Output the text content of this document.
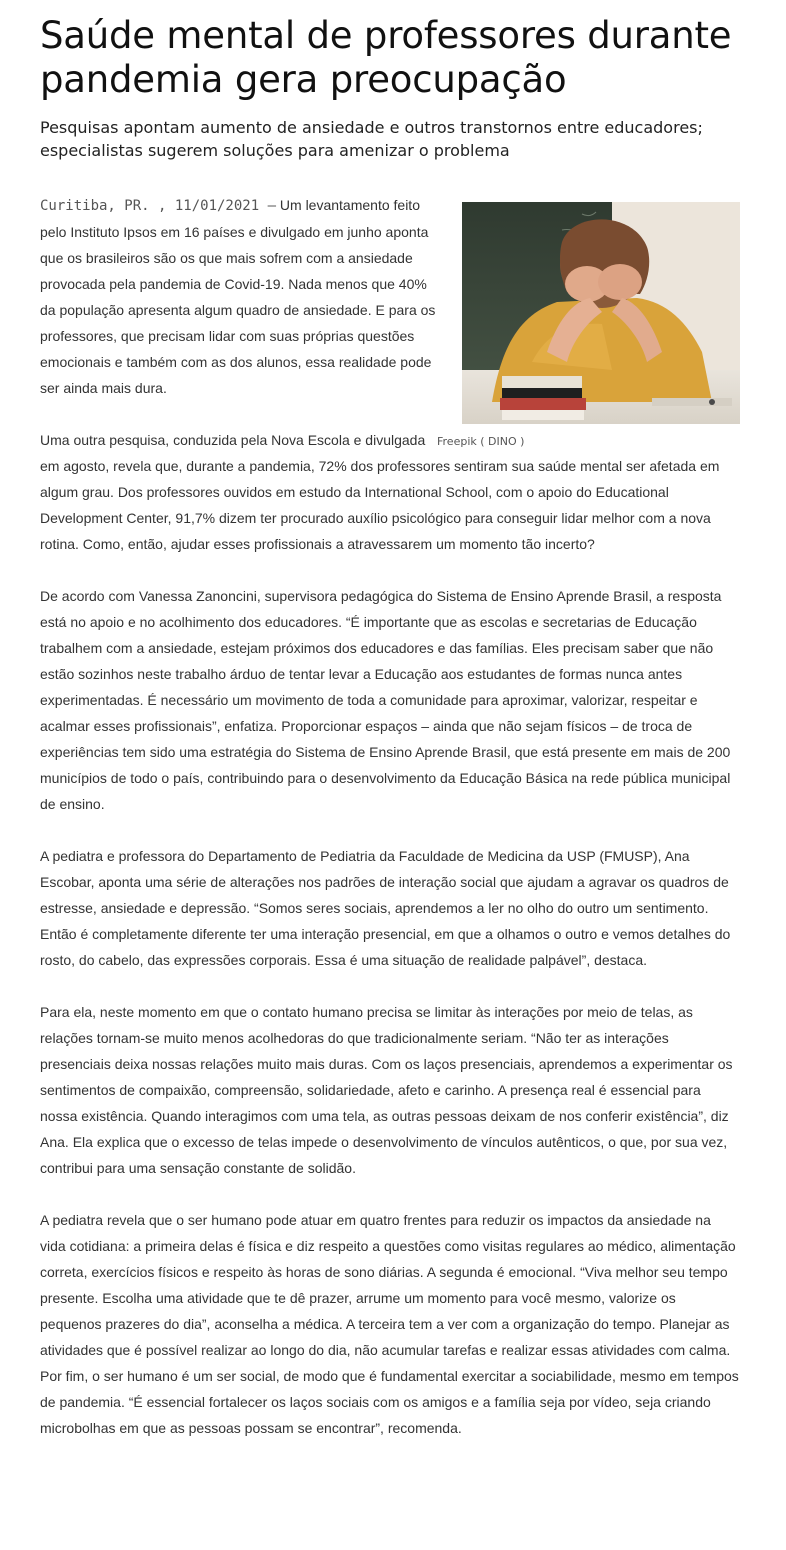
Saúde mental de professores durante pandemia gera preocupação
Pesquisas apontam aumento de ansiedade e outros transtornos entre educadores; especialistas sugerem soluções para amenizar o problema
Freepik ( DINO )

Curitiba, PR. , 11/01/2021 – Um levantamento feito pelo Instituto Ipsos em 16 países e divulgado em junho aponta que os brasileiros são os que mais sofrem com a ansiedade provocada pela pandemia de Covid-19. Nada menos que 40% da população apresenta algum quadro de ansiedade. E para os professores, que precisam lidar com suas próprias questões emocionais e também com as dos alunos, essa realidade pode ser ainda mais dura.

Uma outra pesquisa, conduzida pela Nova Escola e divulgada em agosto, revela que, durante a pandemia, 72% dos professores sentiram sua saúde mental ser afetada em algum grau. Dos professores ouvidos em estudo da International School, com o apoio do Educational Development Center, 91,7% dizem ter procurado auxílio psicológico para conseguir lidar melhor com a nova rotina. Como, então, ajudar esses profissionais a atravessarem um momento tão incerto?

De acordo com Vanessa Zanoncini, supervisora pedagógica do Sistema de Ensino Aprende Brasil, a resposta está no apoio e no acolhimento dos educadores. “É importante que as escolas e secretarias de Educação trabalhem com a ansiedade, estejam próximos dos educadores e das famílias. Eles precisam saber que não estão sozinhos neste trabalho árduo de tentar levar a Educação aos estudantes de formas nunca antes experimentadas. É necessário um movimento de toda a comunidade para aproximar, valorizar, respeitar e acalmar esses profissionais”, enfatiza. Proporcionar espaços – ainda que não sejam físicos – de troca de experiências tem sido uma estratégia do Sistema de Ensino Aprende Brasil, que está presente em mais de 200 municípios de todo o país, contribuindo para o desenvolvimento da Educação Básica na rede pública municipal de ensino.

A pediatra e professora do Departamento de Pediatria da Faculdade de Medicina da USP (FMUSP), Ana Escobar, aponta uma série de alterações nos padrões de interação social que ajudam a agravar os quadros de estresse, ansiedade e depressão. “Somos seres sociais, aprendemos a ler no olho do outro um sentimento. Então é completamente diferente ter uma interação presencial, em que a olhamos o outro e vemos detalhes do rosto, do cabelo, das expressões corporais. Essa é uma situação de realidade palpável”, destaca.

Para ela, neste momento em que o contato humano precisa se limitar às interações por meio de telas, as relações tornam-se muito menos acolhedoras do que tradicionalmente seriam. “Não ter as interações presenciais deixa nossas relações muito mais duras. Com os laços presenciais, aprendemos a experimentar os sentimentos de compaixão, compreensão, solidariedade, afeto e carinho. A presença real é essencial para nossa existência. Quando interagimos com uma tela, as outras pessoas deixam de nos conferir existência”, diz Ana. Ela explica que o excesso de telas impede o desenvolvimento de vínculos autênticos, o que, por sua vez, contribui para uma sensação constante de solidão.

A pediatra revela que o ser humano pode atuar em quatro frentes para reduzir os impactos da ansiedade na vida cotidiana: a primeira delas é física e diz respeito a questões como visitas regulares ao médico, alimentação correta, exercícios físicos e respeito às horas de sono diárias. A segunda é emocional. “Viva melhor seu tempo presente. Escolha uma atividade que te dê prazer, arrume um momento para você mesmo, valorize os pequenos prazeres do dia”, aconselha a médica. A terceira tem a ver com a organização do tempo. Planejar as atividades que é possível realizar ao longo do dia, não acumular tarefas e realizar essas atividades com calma. Por fim, o ser humano é um ser social, de modo que é fundamental exercitar a sociabilidade, mesmo em tempos de pandemia. “É essencial fortalecer os laços sociais com os amigos e a família seja por vídeo, seja criando microbolhas em que as pessoas possam se encontrar”, recomenda.
